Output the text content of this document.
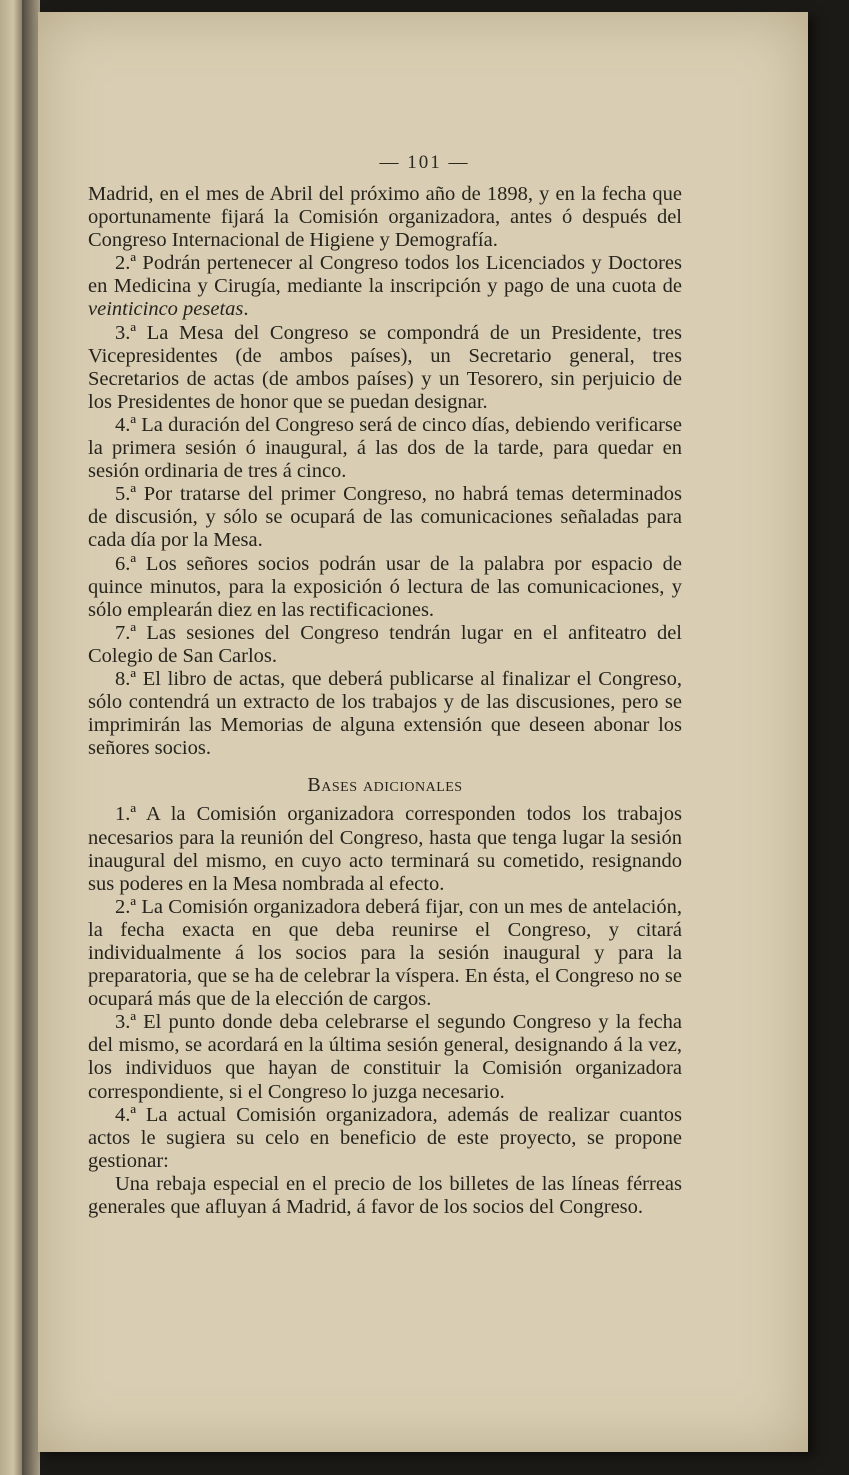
— 101 —

Madrid, en el mes de Abril del próximo año de 1898, y en la fecha que oportunamente fijará la Comisión organizadora, antes ó después del Congreso Internacional de Higiene y Demografía.

2.ª Podrán pertenecer al Congreso todos los Licenciados y Doctores en Medicina y Cirugía, mediante la inscripción y pago de una cuota de veinticinco pesetas.

3.ª La Mesa del Congreso se compondrá de un Presidente, tres Vicepresidentes (de ambos países), un Secretario general, tres Secretarios de actas (de ambos países) y un Tesorero, sin perjuicio de los Presidentes de honor que se puedan designar.

4.ª La duración del Congreso será de cinco días, debiendo verificarse la primera sesión ó inaugural, á las dos de la tarde, para quedar en sesión ordinaria de tres á cinco.

5.ª Por tratarse del primer Congreso, no habrá temas determinados de discusión, y sólo se ocupará de las comunicaciones señaladas para cada día por la Mesa.

6.ª Los señores socios podrán usar de la palabra por espacio de quince minutos, para la exposición ó lectura de las comunicaciones, y sólo emplearán diez en las rectificaciones.

7.ª Las sesiones del Congreso tendrán lugar en el anfiteatro del Colegio de San Carlos.

8.ª El libro de actas, que deberá publicarse al finalizar el Congreso, sólo contendrá un extracto de los trabajos y de las discusiones, pero se imprimirán las Memorias de alguna extensión que deseen abonar los señores socios.

Bases adicionales

1.ª A la Comisión organizadora corresponden todos los trabajos necesarios para la reunión del Congreso, hasta que tenga lugar la sesión inaugural del mismo, en cuyo acto terminará su cometido, resignando sus poderes en la Mesa nombrada al efecto.

2.ª La Comisión organizadora deberá fijar, con un mes de antelación, la fecha exacta en que deba reunirse el Congreso, y citará individualmente á los socios para la sesión inaugural y para la preparatoria, que se ha de celebrar la víspera. En ésta, el Congreso no se ocupará más que de la elección de cargos.

3.ª El punto donde deba celebrarse el segundo Congreso y la fecha del mismo, se acordará en la última sesión general, designando á la vez, los individuos que hayan de constituir la Comisión organizadora correspondiente, si el Congreso lo juzga necesario.

4.ª La actual Comisión organizadora, además de realizar cuantos actos le sugiera su celo en beneficio de este proyecto, se propone gestionar:

Una rebaja especial en el precio de los billetes de las líneas férreas generales que afluyan á Madrid, á favor de los socios del Congreso.
